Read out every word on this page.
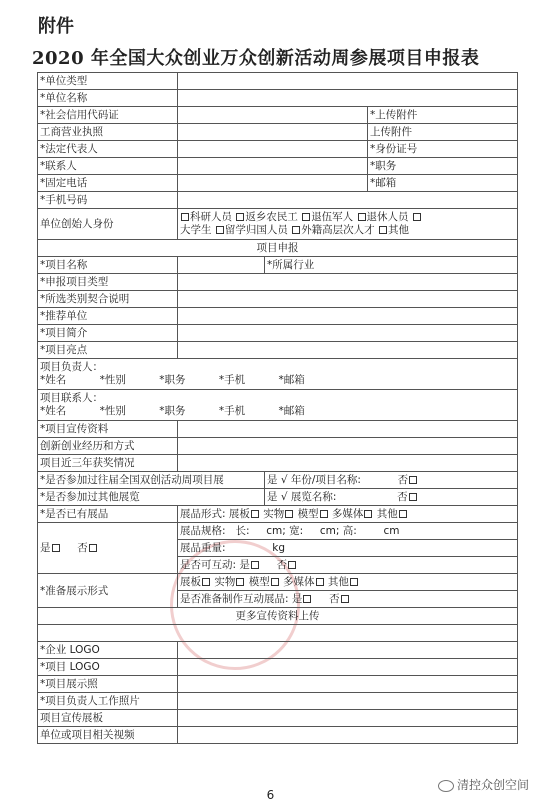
附件
2020 年全国大众创业万众创新活动周参展项目申报表
*单位类型			
*单位名称			
*社会信用代码证			*上传附件
工商营业执照			上传附件
*法定代表人			*身份证号
*联系人			*职务
*固定电话			*邮箱
*手机号码			
单位创始人身份	科研人员 返乡农民工 退伍军人 退休人员
大学生 留学归国人员 外籍高层次人才 其他		
项目申报			
*项目名称		*所属行业	
*申报项目类型			
*所选类别契合说明			
*推荐单位			
*项目简介			
*项目亮点			

项目负责人：
*姓名          *性别          *职务          *手机          *邮箱			

项目联系人：
*姓名          *性别          *职务          *手机          *邮箱			

*项目宣传资料			
创新创业经历和方式			
项目近三年获奖情况			
*是否参加过往届全国双创活动周项目展		是 √ 年份/项目名称: 否	
*是否参加过其他展览		是 √ 展览名称: 否	
*是否已有展品	展品形式: 展板 实物 模型 多媒体 其他		
是 否	展品规格:   长:     cm; 宽:     cm; 高:        cm		
	展品重量:              kg		
	是否可互动: 是 否		
*准备展示形式	展板 实物 模型 多媒体 其他		
	是否准备制作互动展品: 是 否		
更多宣传资料上传			

*企业 LOGO			
*项目 LOGO			
*项目展示照			
*项目负责人工作照片			
项目宣传展板			
单位或项目相关视频			
清控众创空间
6
